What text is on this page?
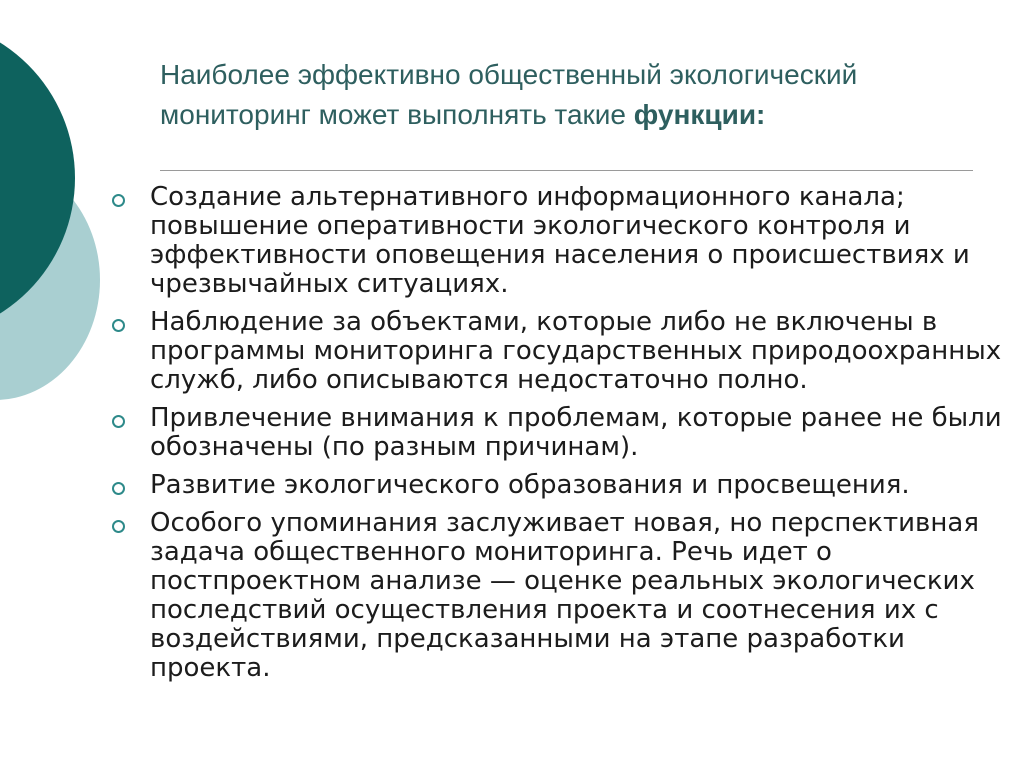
Наиболее эффективно общественный экологический мониторинг может выполнять такие функции:
Создание альтернативного информационного канала; повышение оперативности экологического контроля и эффективности оповещения населения о происшествиях и чрезвычайных ситуациях.
Наблюдение за объектами, которые либо не включены в программы мониторинга государственных природоохранных служб, либо описываются недостаточно полно.
Привлечение внимания к проблемам, которые ранее не были обозначены (по разным причинам).
Развитие экологического образования и просвещения.
Особого упоминания заслуживает новая, но перспективная задача общественного мониторинга. Речь идет о постпроектном анализе — оценке реальных экологических последствий осуществления проекта и соотнесения их с воздействиями, предсказанными на этапе разработки проекта.
